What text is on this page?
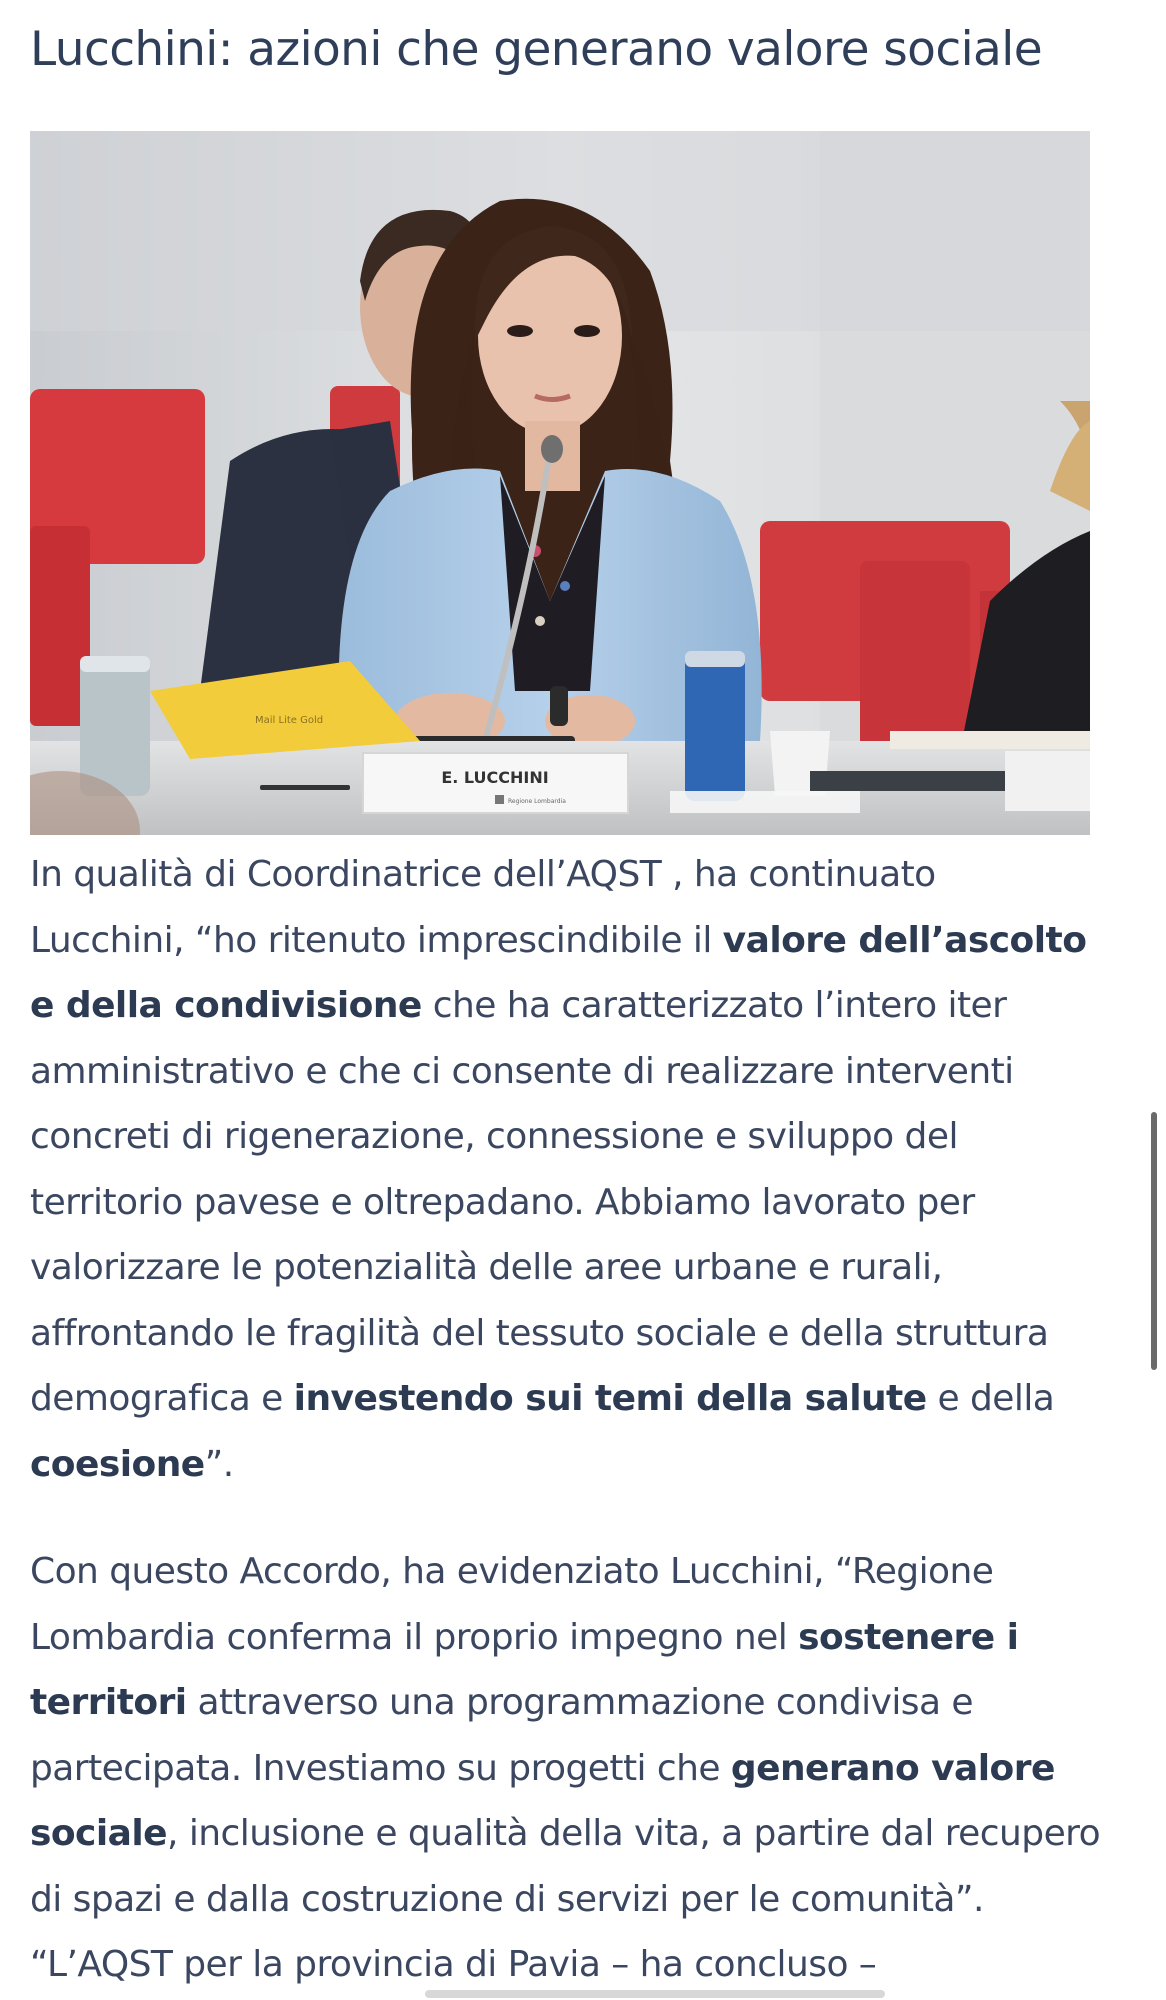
Lucchini: azioni che generano valore sociale
Mail Lite Gold
E. LUCCHINI
Regione Lombardia

In qualità di Coordinatrice dell’AQST , ha continuato
Lucchini, “ho ritenuto imprescindibile il valore dell’ascolto
e della condivisione che ha caratterizzato l’intero iter
amministrativo e che ci consente di realizzare interventi
concreti di rigenerazione, connessione e sviluppo del
territorio pavese e oltrepadano. Abbiamo lavorato per
valorizzare le potenzialità delle aree urbane e rurali,
affrontando le fragilità del tessuto sociale e della struttura
demografica e investendo sui temi della salute e della
coesione”.

Con questo Accordo, ha evidenziato Lucchini, “Regione
Lombardia conferma il proprio impegno nel sostenere i
territori attraverso una programmazione condivisa e
partecipata. Investiamo su progetti che generano valore
sociale, inclusione e qualità della vita, a partire dal recupero
di spazi e dalla costruzione di servizi per le comunità”.
“L’AQST per la provincia di Pavia – ha concluso –
